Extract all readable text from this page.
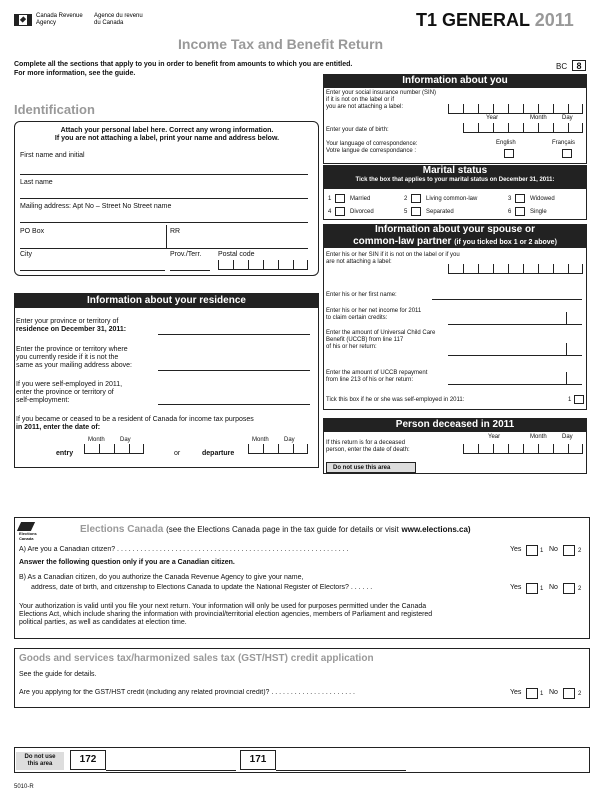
Canada Revenue
Agency
Agence du revenu
du Canada	T1 GENERAL 2011
Income Tax and Benefit Return
Complete all the sections that apply to you in order to benefit from amounts to which you are entitled.
For more information, see the guide.
BC	8
Identification
Attach your personal label here. Correct any wrong information.
If you are not attaching a label, print your name and address below.
First name and initial
Last name
Mailing address: Apt No – Street No Street name
PO Box	RR
City	Prov./Terr. Postal code
Information about your residence
Enter your province or territory of
residence on December 31, 2011:
Enter the province or territory where
you currently reside if it is not the
same as your mailing address above:
If you were self-employed in 2011,
enter the province or territory of
self-employment:
If you became or ceased to be a resident of Canada for income tax purposes
in 2011, enter the date of:
Month	Day
entry	or
Month	Day
departure
Information about you
Enter your social insurance number (SIN)
if it is not on the label or if
you are not attaching a label:
Year	Month	Day
Enter your date of birth:
Your language of correspondence:
Votre langue de correspondance :
English	Français
Marital status
Tick the box that applies to your marital status on December 31, 2011:
1	Married	2	Living common-law	3	Widowed
4	Divorced	5	Separated	6	Single
Information about your spouse or
common-law partner (if you ticked box 1 or 2 above)
Enter his or her SIN if it is not on the label or if you
are not attaching a label:
Enter his or her first name:
Enter his or her net income for 2011
to claim certain credits:
Enter the amount of Universal Child Care
Benefit (UCCB) from line 117
of his or her return:
Enter the amount of UCCB repayment
from line 213 of his or her return:
Tick this box if he or she was self-employed in 2011:	1
Person deceased in 2011
Year	Month	Day
If this return is for a deceased
person, enter the date of death:
Do not use this area
Elections Canada
Elections Canada (see the Elections Canada page in the tax guide for details or visit www.elections.ca)
A) Are you a Canadian citizen? . . . . . . . . . . . . . . . . . . . . . . . . . . . . . . . . . . . . . . . . . . . . . . . . . . . . . . . . . . . .	Yes	1 No	2
Answer the following question only if you are a Canadian citizen.
B) As a Canadian citizen, do you authorize the Canada Revenue Agency to give your name,
address, date of birth, and citizenship to Elections Canada to update the National Register of Electors? . . . . . .	Yes	1 No	2
Your authorization is valid until you file your next return. Your information will only be used for purposes permitted under the Canada
Elections Act, which include sharing the information with provincial/territorial election agencies, members of Parliament and registered
political parties, as well as candidates at election time.
Goods and services tax/harmonized sales tax (GST/HST) credit application
See the guide for details.
Are you applying for the GST/HST credit (including any related provincial credit)? . . . . . . . . . . . . . . . . . . . . . .	Yes	1 No	2
Do not use
this area	172	171
5010-R
